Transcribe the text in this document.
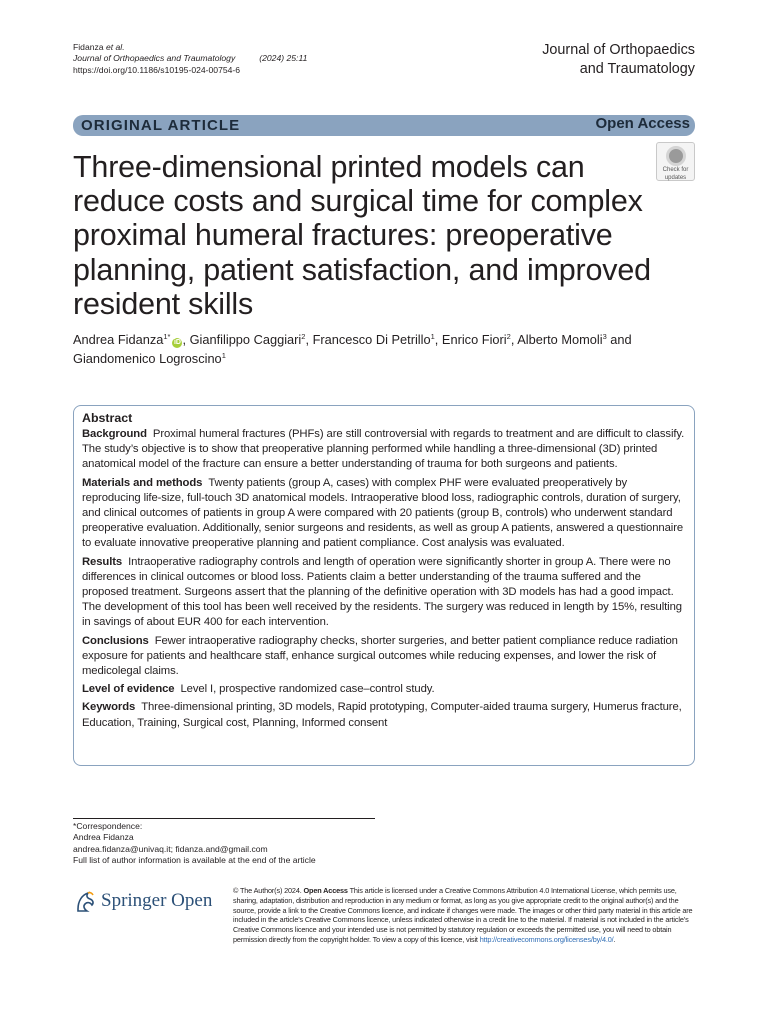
Fidanza et al.
Journal of Orthopaedics and Traumatology	(2024) 25:11
https://doi.org/10.1186/s10195-024-00754-6
Journal of Orthopaedics
and Traumatology
ORIGINAL ARTICLE	Open Access
Check for
updates
Three-dimensional printed models can reduce costs and surgical time for complex proximal humeral fractures: preoperative planning, patient satisfaction, and improved resident skills
Andrea Fidanza$^{1*}$iD , Gianfilippo Caggiari$^2$, Francesco Di Petrillo$^1$, Enrico Fiori$^2$, Alberto Momoli$^3$ and Giandomenico Logroscino$^1$
Abstract

Background Proximal humeral fractures (PHFs) are still controversial with regards to treatment and are difficult to classify. The study’s objective is to show that preoperative planning performed while handling a three-dimensional (3D) printed anatomical model of the fracture can ensure a better understanding of trauma for both surgeons and patients.

Materials and methods Twenty patients (group A, cases) with complex PHF were evaluated preoperatively by reproducing life-size, full-touch 3D anatomical models. Intraoperative blood loss, radiographic controls, duration of surgery, and clinical outcomes of patients in group A were compared with 20 patients (group B, controls) who underwent standard preoperative evaluation. Additionally, senior surgeons and residents, as well as group A patients, answered a questionnaire to evaluate innovative preoperative planning and patient compliance. Cost analysis was evaluated.

Results Intraoperative radiography controls and length of operation were significantly shorter in group A. There were no differences in clinical outcomes or blood loss. Patients claim a better understanding of the trauma suffered and the proposed treatment. Surgeons assert that the planning of the definitive operation with 3D models has had a good impact. The development of this tool has been well received by the residents. The surgery was reduced in length by 15%, resulting in savings of about EUR 400 for each intervention.

Conclusions Fewer intraoperative radiography checks, shorter surgeries, and better patient compliance reduce radiation exposure for patients and healthcare staff, enhance surgical outcomes while reducing expenses, and lower the risk of medicolegal claims.

Level of evidence Level I, prospective randomized case–control study.

Keywords Three-dimensional printing, 3D models, Rapid prototyping, Computer-aided trauma surgery, Humerus fracture, Education, Training, Surgical cost, Planning, Informed consent

*Correspondence:
Andrea Fidanza
andrea.fidanza@univaq.it; fidanza.and@gmail.com
Full list of author information is available at the end of the article
Springer Open	© The Author(s) 2024. Open Access This article is licensed under a Creative Commons Attribution 4.0 International License, which permits use, sharing, adaptation, distribution and reproduction in any medium or format, as long as you give appropriate credit to the original author(s) and the source, provide a link to the Creative Commons licence, and indicate if changes were made. The images or other third party material in this article are included in the article’s Creative Commons licence, unless indicated otherwise in a credit line to the material. If material is not included in the article’s Creative Commons licence and your intended use is not permitted by statutory regulation or exceeds the permitted use, you will need to obtain permission directly from the copyright holder. To view a copy of this licence, visit http://creativecommons.org/licenses/by/4.0/.
